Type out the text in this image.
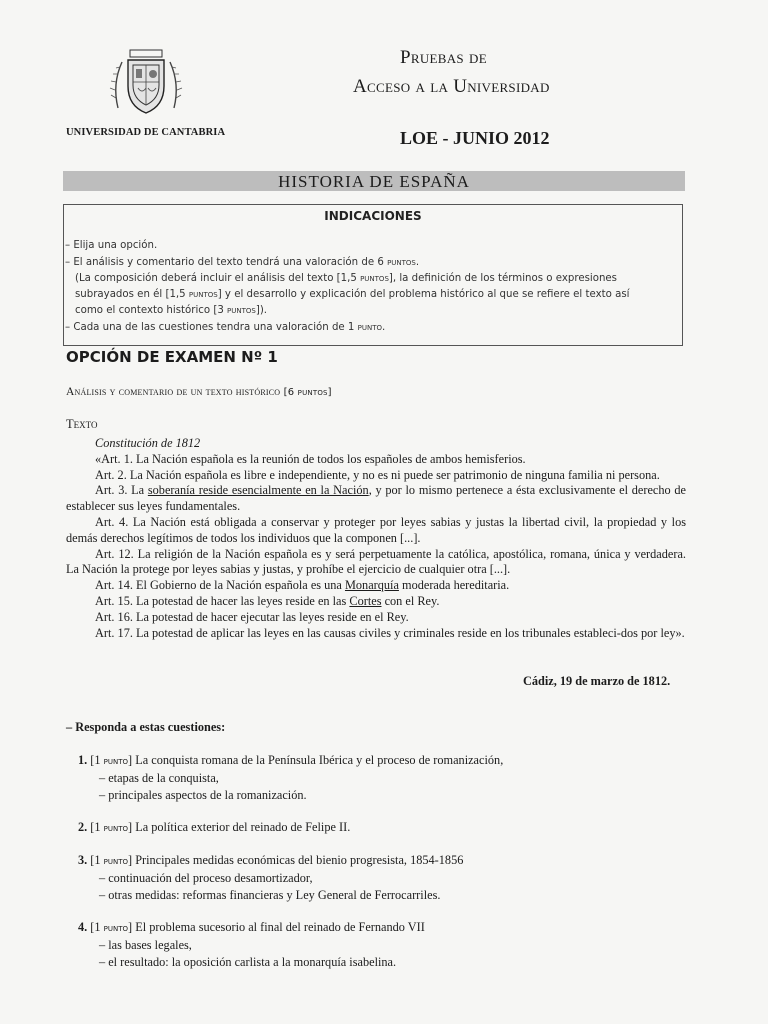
UNIVERSIDAD DE CANTABRIA
Pruebas de
Acceso a la Universidad
LOE - JUNIO 2012
HISTORIA DE ESPAÑA
INDICACIONES
– Elija una opción.
– El análisis y comentario del texto tendrá una valoración de 6 puntos.
(La composición deberá incluir el análisis del texto [1,5 puntos], la definición de los términos o expresiones
subrayados en él [1,5 puntos] y el desarrollo y explicación del problema histórico al que se refiere el texto así
como el contexto histórico [3 puntos]).
– Cada una de las cuestiones tendra una valoración de 1 punto.
OPCIÓN DE EXAMEN Nº 1
Análisis y comentario de un texto histórico [6 puntos]
Texto

Constitución de 1812

«Art. 1. La Nación española es la reunión de todos los españoles de ambos hemisferios.

Art. 2. La Nación española es libre e independiente, y no es ni puede ser patrimonio de ninguna familia ni persona.

Art. 3. La soberanía reside esencialmente en la Nación, y por lo mismo pertenece a ésta exclusivamente el derecho de establecer sus leyes fundamentales.

Art. 4. La Nación está obligada a conservar y proteger por leyes sabias y justas la libertad civil, la propiedad y los demás derechos legítimos de todos los individuos que la componen [...].

Art. 12. La religión de la Nación española es y será perpetuamente la católica, apostólica, romana, única y verdadera. La Nación la protege por leyes sabias y justas, y prohíbe el ejercicio de cualquier otra [...].

Art. 14. El Gobierno de la Nación española es una Monarquía moderada hereditaria.

Art. 15. La potestad de hacer las leyes reside en las Cortes con el Rey.

Art. 16. La potestad de hacer ejecutar las leyes reside en el Rey.

Art. 17. La potestad de aplicar las leyes en las causas civiles y criminales reside en los tribunales estableci-dos por ley».

Cádiz, 19 de marzo de 1812.
– Responda a estas cuestiones:
1. [1 punto] La conquista romana de la Península Ibérica y el proceso de romanización,
– etapas de la conquista,
– principales aspectos de la romanización.
2. [1 punto] La política exterior del reinado de Felipe II.
3. [1 punto] Principales medidas económicas del bienio progresista, 1854-1856
– continuación del proceso desamortizador,
– otras medidas: reformas financieras y Ley General de Ferrocarriles.
4. [1 punto] El problema sucesorio al final del reinado de Fernando VII
– las bases legales,
– el resultado: la oposición carlista a la monarquía isabelina.
